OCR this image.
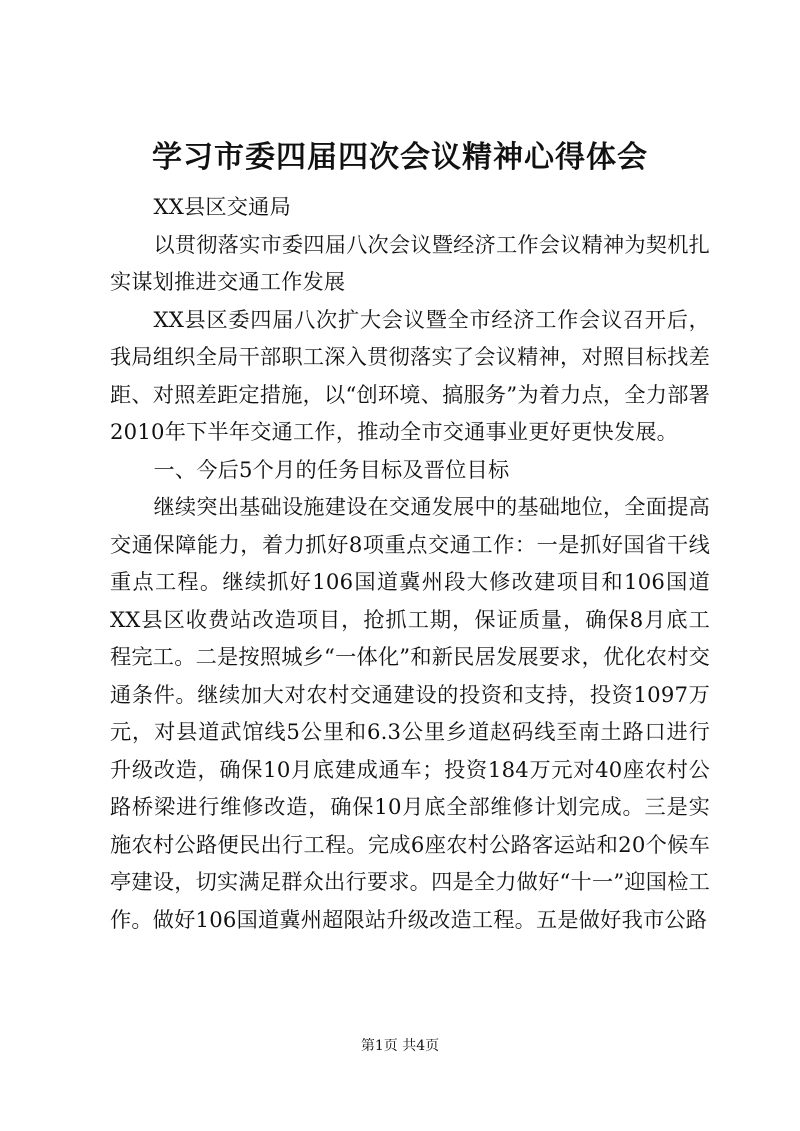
学习市委四届四次会议精神心得体会

XX县区交通局

以贯彻落实市委四届八次会议暨经济工作会议精神为契机扎实谋划推进交通工作发展

XX县区委四届八次扩大会议暨全市经济工作会议召开后，我局组织全局干部职工深入贯彻落实了会议精神，对照目标找差距、对照差距定措施，以“创环境、搞服务”为着力点，全力部署2010年下半年交通工作，推动全市交通事业更好更快发展。

一、今后5个月的任务目标及晋位目标

继续突出基础设施建设在交通发展中的基础地位，全面提高交通保障能力，着力抓好8项重点交通工作：一是抓好国省干线重点工程。继续抓好106国道冀州段大修改建项目和106国道XX县区收费站改造项目，抢抓工期，保证质量，确保8月底工程完工。二是按照城乡“一体化”和新民居发展要求，优化农村交通条件。继续加大对农村交通建设的投资和支持，投资1097万元，对县道武馆线5公里和6.3公里乡道赵码线至南土路口进行升级改造，确保10月底建成通车；投资184万元对40座农村公路桥梁进行维修改造，确保10月底全部维修计划完成。三是实施农村公路便民出行工程。完成6座农村公路客运站和20个候车亭建设，切实满足群众出行要求。四是全力做好“十一”迎国检工作。做好106国道冀州超限站升级改造工程。五是做好我市公路

第1页 共4页
